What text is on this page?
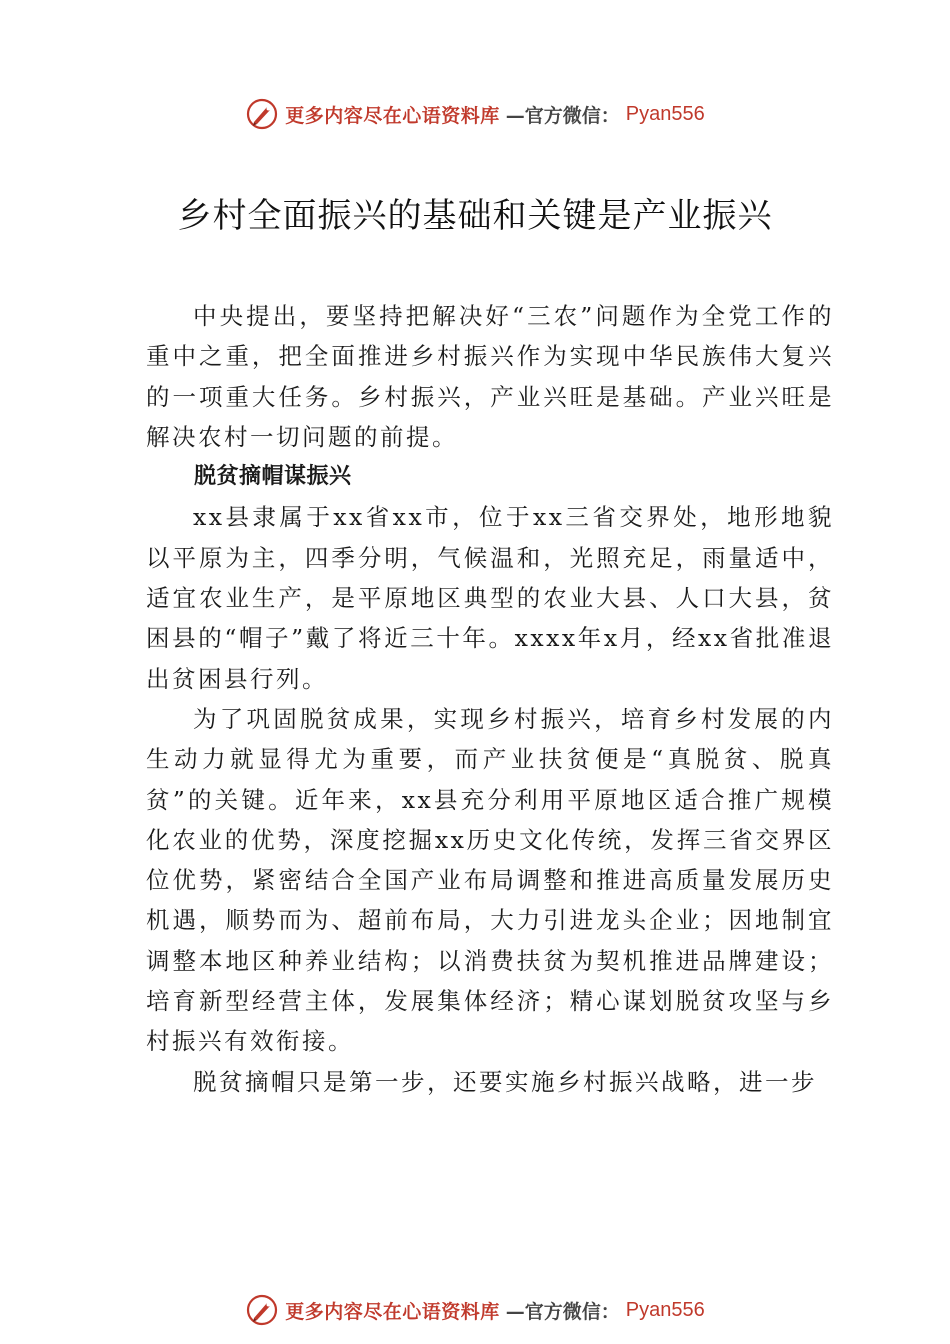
更多内容尽在心语资料库 —官方微信： Pyan556
乡村全面振兴的基础和关键是产业振兴

中央提出，要坚持把解决好“三农”问题作为全党工作的重中之重，把全面推进乡村振兴作为实现中华民族伟大复兴的一项重大任务。乡村振兴，产业兴旺是基础。产业兴旺是解决农村一切问题的前提。

脱贫摘帽谋振兴

xx县隶属于xx省xx市，位于xx三省交界处，地形地貌以平原为主，四季分明，气候温和，光照充足，雨量适中，适宜农业生产，是平原地区典型的农业大县、人口大县，贫困县的“帽子”戴了将近三十年。xxxx年x月，经xx省批准退出贫困县行列。

为了巩固脱贫成果，实现乡村振兴，培育乡村发展的内生动力就显得尤为重要，而产业扶贫便是“真脱贫、脱真贫”的关键。近年来，xx县充分利用平原地区适合推广规模化农业的优势，深度挖掘xx历史文化传统，发挥三省交界区位优势，紧密结合全国产业布局调整和推进高质量发展历史机遇，顺势而为、超前布局，大力引进龙头企业；因地制宜调整本地区种养业结构；以消费扶贫为契机推进品牌建设；培育新型经营主体，发展集体经济；精心谋划脱贫攻坚与乡村振兴有效衔接。

脱贫摘帽只是第一步，还要实施乡村振兴战略，进一步

更多内容尽在心语资料库 —官方微信： Pyan556
